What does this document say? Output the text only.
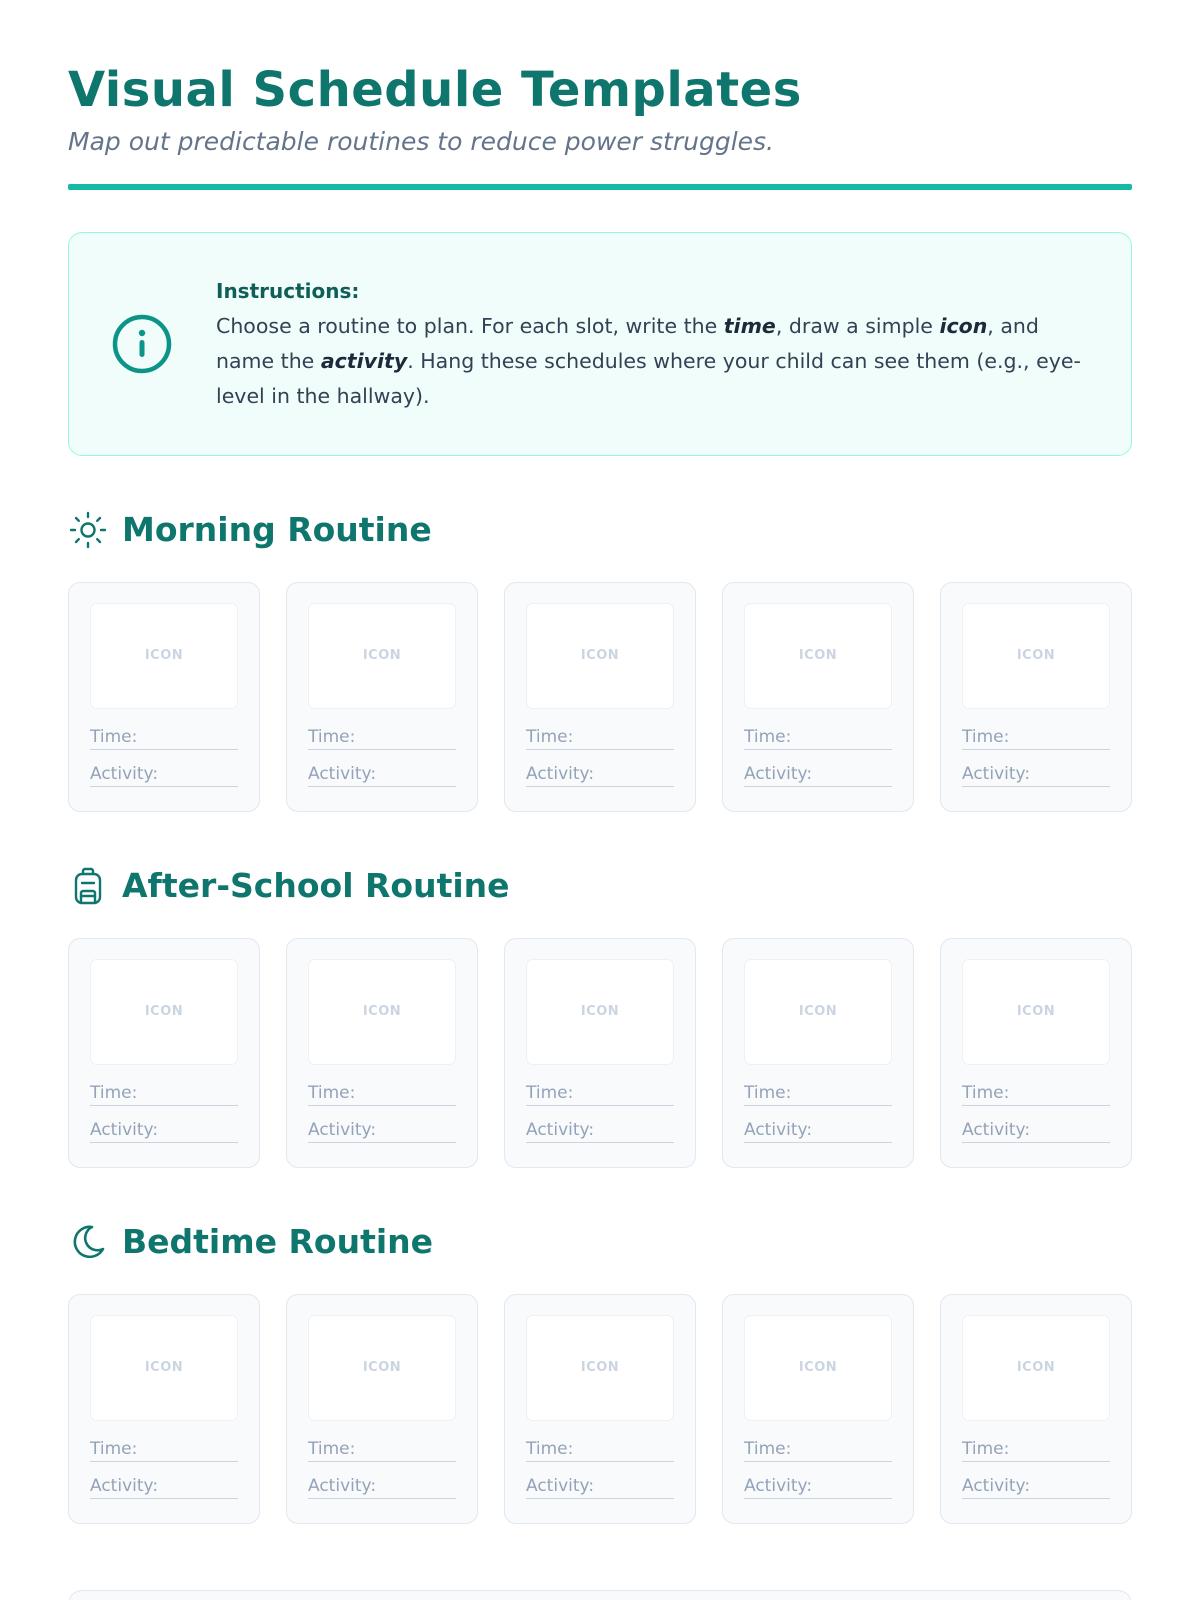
Visual Schedule Templates

Map out predictable routines to reduce power struggles.

Instructions:
Choose a routine to plan. For each slot, write the time, draw a simple icon, and name the activity. Hang these schedules where your child can see them (e.g., eye-level in the hallway).
Morning Routine
ICON
Time:
Activity:
ICON
Time:
Activity:
ICON
Time:
Activity:
ICON
Time:
Activity:
ICON
Time:
Activity:
After-School Routine
ICON
Time:
Activity:
ICON
Time:
Activity:
ICON
Time:
Activity:
ICON
Time:
Activity:
ICON
Time:
Activity:
Bedtime Routine
ICON
Time:
Activity:
ICON
Time:
Activity:
ICON
Time:
Activity:
ICON
Time:
Activity:
ICON
Time:
Activity:
